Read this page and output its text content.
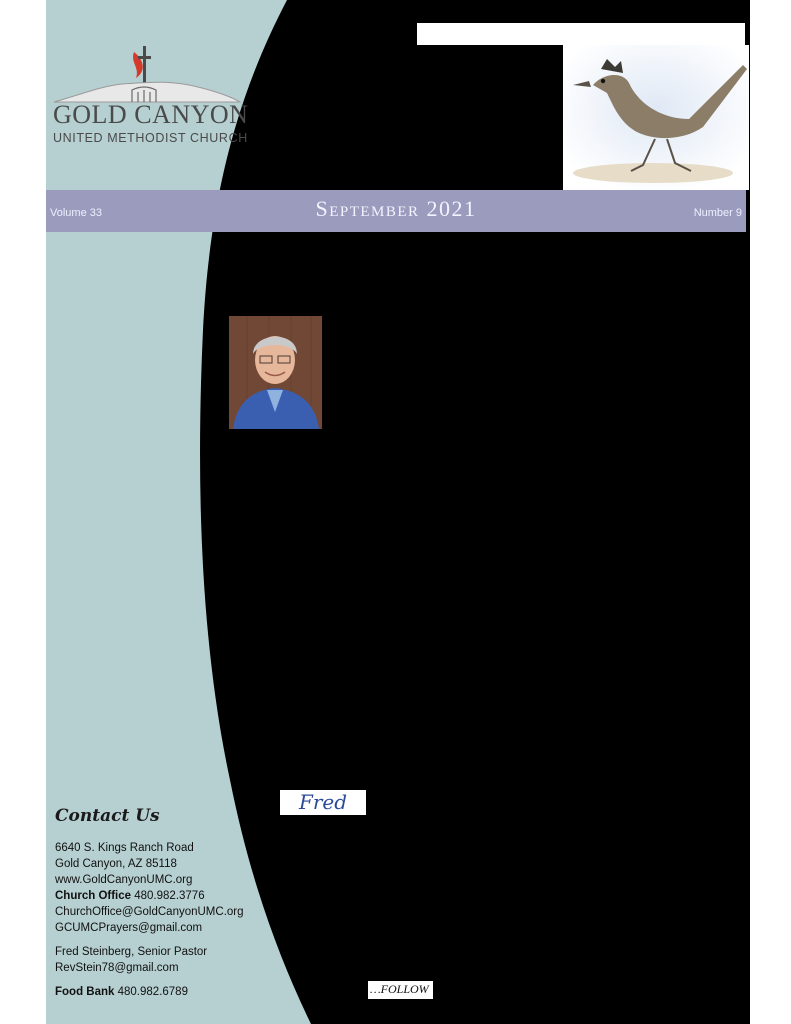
GOLD CANYON
UNITED METHODIST CHURCH
Volume 33	September 2021	Number 9
Fred
Contact Us
6640 S. Kings Ranch Road
Gold Canyon, AZ 85118
www.GoldCanyonUMC.org
Church Office 480.982.3776
ChurchOffice@GoldCanyonUMC.org
GCUMCPrayers@gmail.com
Fred Steinberg, Senior Pastor
RevStein78@gmail.com
Food Bank 480.982.6789	…FOLLOW
